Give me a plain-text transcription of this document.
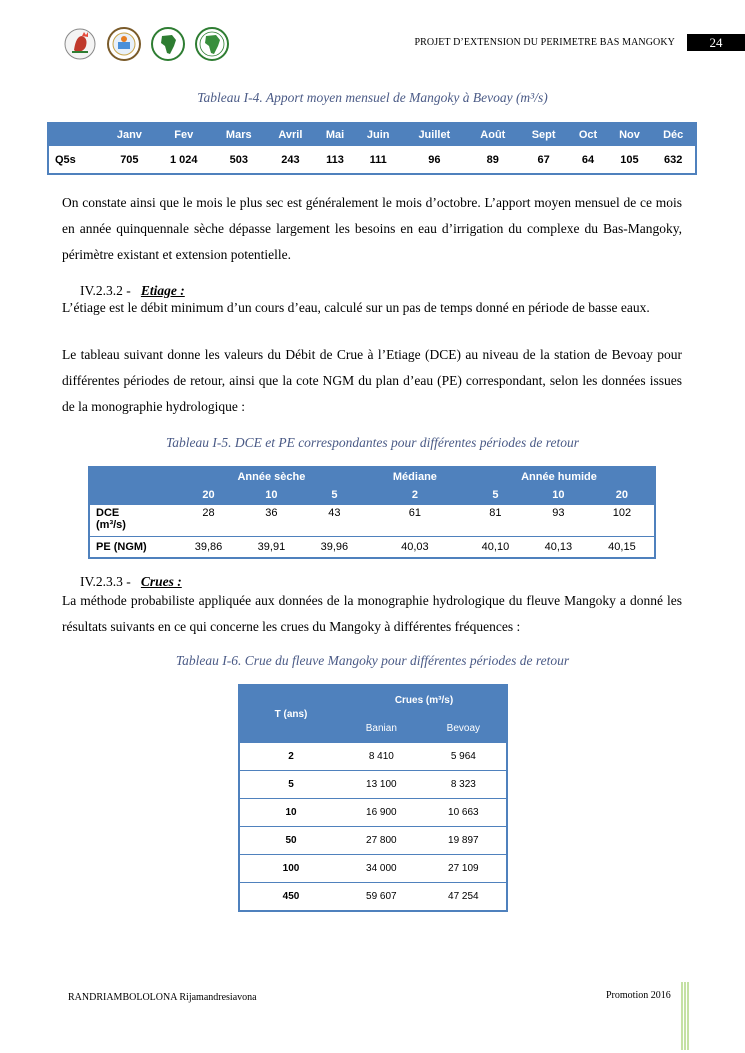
PROJET D’EXTENSION DU PERIMETRE BAS MANGOKY	24
Tableau I-4. Apport moyen mensuel de Mangoky à Bevoay (m³/s)
	Janv	Fev	Mars	Avril	Mai	Juin	Juillet	Août	Sept	Oct	Nov	Déc
Q5s	705	1 024	503	243	113	111	96	89	67	64	105	632
On constate ainsi que le mois le plus sec est généralement le mois d’octobre. L’apport moyen mensuel de ce mois en année quinquennale sèche dépasse largement les besoins en eau d’irrigation du complexe du Bas-Mangoky, périmètre existant et extension potentielle.
IV.2.3.2 - Etiage :
L’étiage est le débit minimum d’un cours d’eau, calculé sur un pas de temps donné en période de basse eaux.
Le tableau suivant donne les valeurs du Débit de Crue à l’Etiage (DCE) au niveau de la station de Bevoay pour différentes périodes de retour, ainsi que la cote NGM du plan d’eau (PE) correspondant, selon les données issues de la monographie hydrologique :
Tableau I-5. DCE et PE correspondantes pour différentes périodes de retour
	Année sèche			Médiane	Année humide		
	20	10	5	2	5	10	20
DCE
(m³/s)	28	36	43	61	81	93	102
PE (NGM)	39,86	39,91	39,96	40,03	40,10	40,13	40,15
IV.2.3.3 - Crues :
La méthode probabiliste appliquée aux données de la monographie hydrologique du fleuve Mangoky a donné les résultats suivants en ce qui concerne les crues du Mangoky à différentes fréquences :
Tableau I-6. Crue du fleuve Mangoky pour différentes périodes de retour
T (ans)	Crues (m³/s)	
	Banian	Bevoay
2	8 410	5 964
5	13 100	8 323
10	16 900	10 663
50	27 800	19 897
100	34 000	27 109
450	59 607	47 254
RANDRIAMBOLOLONA Rijamandresiavona	Promotion 2016
